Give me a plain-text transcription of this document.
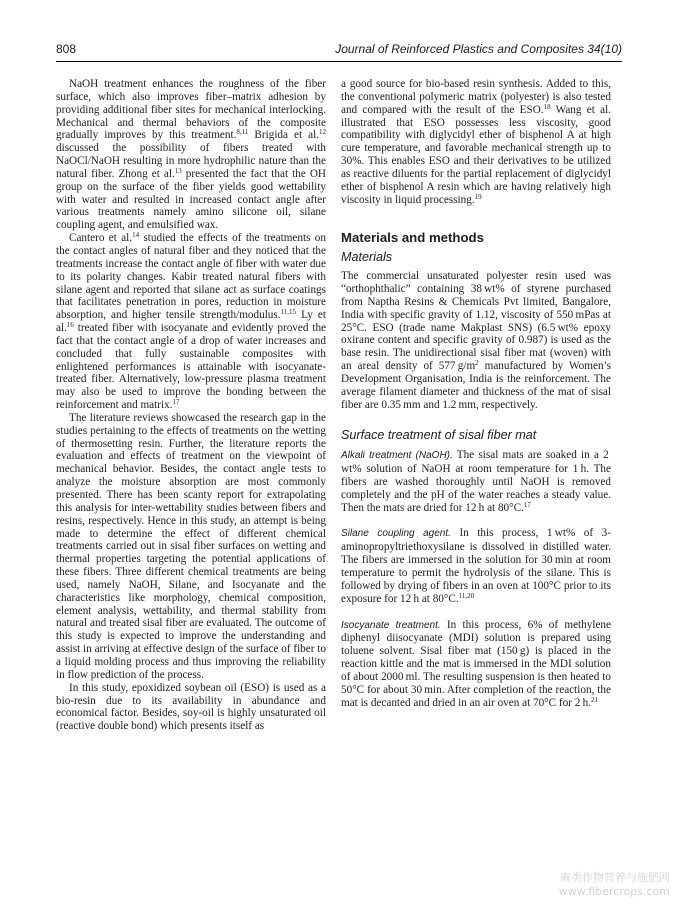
808	Journal of Reinforced Plastics and Composites 34(10)

NaOH treatment enhances the roughness of the fiber surface, which also improves fiber–matrix adhesion by providing additional fiber sites for mechanical interlocking. Mechanical and thermal behaviors of the composite gradually improves by this treatment.$^{8,11}$ Brigida et al.$^{12}$ discussed the possibility of fibers treated with NaOCl/NaOH resulting in more hydrophilic nature than the natural fiber. Zhong et al.$^{13}$ presented the fact that the OH group on the surface of the fiber yields good wettability with water and resulted in increased contact angle after various treatments namely amino silicone oil, silane coupling agent, and emulsified wax.

Cantero et al.$^{14}$ studied the effects of the treatments on the contact angles of natural fiber and they noticed that the treatments increase the contact angle of fiber with water due to its polarity changes. Kabir treated natural fibers with silane agent and reported that silane act as surface coatings that facilitates penetration in pores, reduction in moisture absorption, and higher tensile strength/modulus.$^{11,15}$ Ly et al.$^{16}$ treated fiber with isocyanate and evidently proved the fact that the contact angle of a drop of water increases and concluded that fully sustainable composites with enlightened performances is attainable with isocyanate-treated fiber. Alternatively, low-pressure plasma treatment may also be used to improve the bonding between the reinforcement and matrix.$^{17}$

The literature reviews showcased the research gap in the studies pertaining to the effects of treatments on the wetting of thermosetting resin. Further, the literature reports the evaluation and effects of treatment on the viewpoint of mechanical behavior. Besides, the contact angle tests to analyze the moisture absorption are most commonly presented. There has been scanty report for extrapolating this analysis for inter-wettability studies between fibers and resins, respectively. Hence in this study, an attempt is being made to determine the effect of different chemical treatments carried out in sisal fiber surfaces on wetting and thermal properties targeting the potential applications of these fibers. Three different chemical treatments are being used, namely NaOH, Silane, and Isocyanate and the characteristics like morphology, chemical composition, element analysis, wettability, and thermal stability from natural and treated sisal fiber are evaluated. The outcome of this study is expected to improve the understanding and assist in arriving at effective design of the surface of fiber to a liquid molding process and thus improving the reliability in flow prediction of the process.

In this study, epoxidized soybean oil (ESO) is used as a bio-resin due to its availability in abundance and economical factor. Besides, soy-oil is highly unsaturated oil (reactive double bond) which presents itself as

a good source for bio-based resin synthesis. Added to this, the conventional polymeric matrix (polyester) is also tested and compared with the result of the ESO.$^{18}$ Wang et al. illustrated that ESO possesses less viscosity, good compatibility with diglycidyl ether of bisphenol A at high cure temperature, and favorable mechanical strength up to 30%. This enables ESO and their derivatives to be utilized as reactive diluents for the partial replacement of diglycidyl ether of bisphenol A resin which are having relatively high viscosity in liquid processing.$^{19}$

Materials and methods
Materials

The commercial unsaturated polyester resin used was “orthophthalic” containing 38 wt% of styrene purchased from Naptha Resins & Chemicals Pvt limited, Bangalore, India with specific gravity of 1.12, viscosity of 550 mPas at 25°C. ESO (trade name Makplast SNS) (6.5 wt% epoxy oxirane content and specific gravity of 0.987) is used as the base resin. The unidirectional sisal fiber mat (woven) with an areal density of 577 $g/m^2$ manufactured by Women’s Development Organisation, India is the reinforcement. The average filament diameter and thickness of the mat of sisal fiber are 0.35 mm and 1.2 mm, respectively.

Surface treatment of sisal fiber mat

Alkali treatment (NaOH). The sisal mats are soaked in a 2 wt% solution of NaOH at room temperature for 1 h. The fibers are washed thoroughly until NaOH is removed completely and the pH of the water reaches a steady value. Then the mats are dried for 12 h at 80°C.$^{17}$

Silane coupling agent. In this process, 1 wt% of 3-aminopropyltriethoxysilane is dissolved in distilled water. The fibers are immersed in the solution for 30 min at room temperature to permit the hydrolysis of the silane. This is followed by drying of fibers in an oven at 100°C prior to its exposure for 12 h at 80°C.$^{11,20}$

Isocyanate treatment. In this process, 6% of methylene diphenyl diisocyanate (MDI) solution is prepared using toluene solvent. Sisal fiber mat (150 g) is placed in the reaction kittle and the mat is immersed in the MDI solution of about 2000 ml. The resulting suspension is then heated to 50°C for about 30 min. After completion of the reaction, the mat is decanted and dried in an air oven at 70°C for 2 h.$^{21}$

麻类作物营养与施肥网
www.fibercrops.com
